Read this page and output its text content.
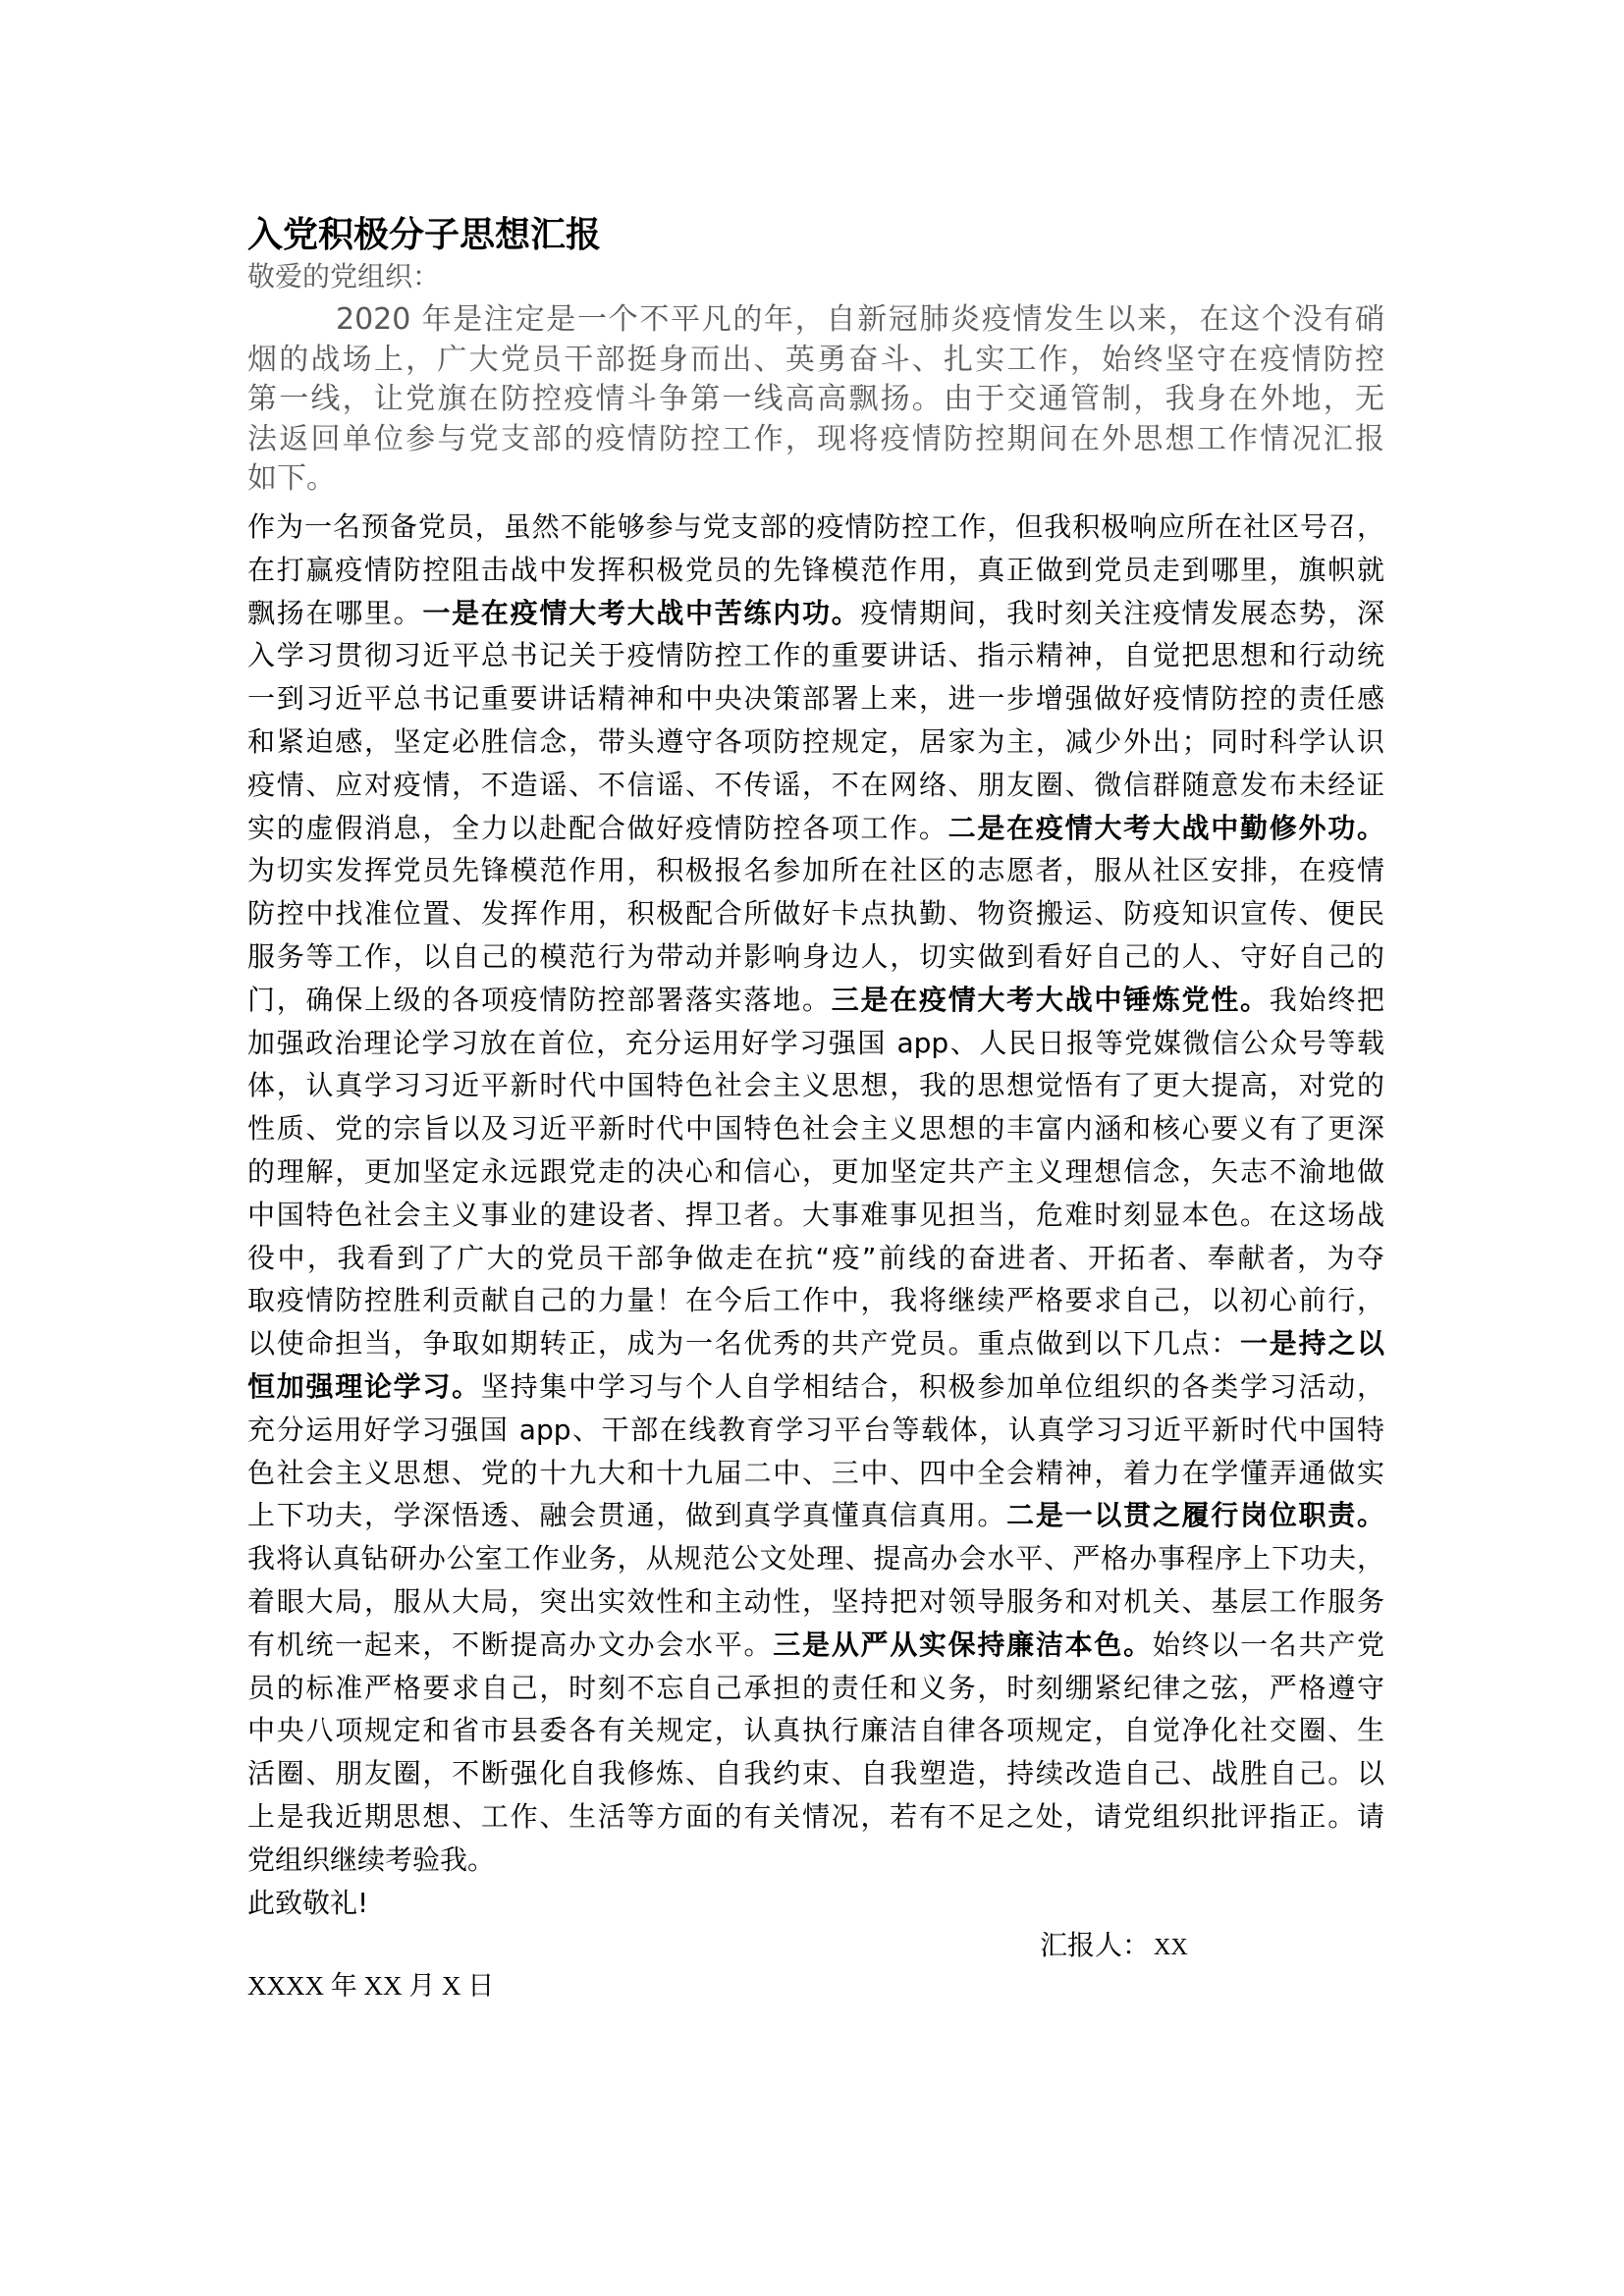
入党积极分子思想汇报
敬爱的党组织：
2020 年是注定是一个不平凡的年，自新冠肺炎疫情发生以来，在这个没有硝
烟的战场上，广大党员干部挺身而出、英勇奋斗、扎实工作，始终坚守在疫情防控
第一线，让党旗在防控疫情斗争第一线高高飘扬。由于交通管制，我身在外地，无
法返回单位参与党支部的疫情防控工作，现将疫情防控期间在外思想工作情况汇报
如下。
作为一名预备党员，虽然不能够参与党支部的疫情防控工作，但我积极响应所在社区号召，
在打赢疫情防控阻击战中发挥积极党员的先锋模范作用，真正做到党员走到哪里，旗帜就
飘扬在哪里。一是在疫情大考大战中苦练内功。疫情期间，我时刻关注疫情发展态势，深
入学习贯彻习近平总书记关于疫情防控工作的重要讲话、指示精神，自觉把思想和行动统
一到习近平总书记重要讲话精神和中央决策部署上来，进一步增强做好疫情防控的责任感
和紧迫感，坚定必胜信念，带头遵守各项防控规定，居家为主，减少外出；同时科学认识
疫情、应对疫情，不造谣、不信谣、不传谣，不在网络、朋友圈、微信群随意发布未经证
实的虚假消息，全力以赴配合做好疫情防控各项工作。二是在疫情大考大战中勤修外功。
为切实发挥党员先锋模范作用，积极报名参加所在社区的志愿者，服从社区安排，在疫情
防控中找准位置、发挥作用，积极配合所做好卡点执勤、物资搬运、防疫知识宣传、便民
服务等工作，以自己的模范行为带动并影响身边人，切实做到看好自己的人、守好自己的
门，确保上级的各项疫情防控部署落实落地。三是在疫情大考大战中锤炼党性。我始终把
加强政治理论学习放在首位，充分运用好学习强国 app、人民日报等党媒微信公众号等载
体，认真学习习近平新时代中国特色社会主义思想，我的思想觉悟有了更大提高，对党的
性质、党的宗旨以及习近平新时代中国特色社会主义思想的丰富内涵和核心要义有了更深
的理解，更加坚定永远跟党走的决心和信心，更加坚定共产主义理想信念，矢志不渝地做
中国特色社会主义事业的建设者、捍卫者。大事难事见担当，危难时刻显本色。在这场战
役中，我看到了广大的党员干部争做走在抗“疫”前线的奋进者、开拓者、奉献者，为夺
取疫情防控胜利贡献自己的力量！在今后工作中，我将继续严格要求自己，以初心前行，
以使命担当，争取如期转正，成为一名优秀的共产党员。重点做到以下几点：一是持之以
恒加强理论学习。坚持集中学习与个人自学相结合，积极参加单位组织的各类学习活动，
充分运用好学习强国 app、干部在线教育学习平台等载体，认真学习习近平新时代中国特
色社会主义思想、党的十九大和十九届二中、三中、四中全会精神，着力在学懂弄通做实
上下功夫，学深悟透、融会贯通，做到真学真懂真信真用。二是一以贯之履行岗位职责。
我将认真钻研办公室工作业务，从规范公文处理、提高办会水平、严格办事程序上下功夫，
着眼大局，服从大局，突出实效性和主动性，坚持把对领导服务和对机关、基层工作服务
有机统一起来，不断提高办文办会水平。三是从严从实保持廉洁本色。始终以一名共产党
员的标准严格要求自己，时刻不忘自己承担的责任和义务，时刻绷紧纪律之弦，严格遵守
中央八项规定和省市县委各有关规定，认真执行廉洁自律各项规定，自觉净化社交圈、生
活圈、朋友圈，不断强化自我修炼、自我约束、自我塑造，持续改造自己、战胜自己。以
上是我近期思想、工作、生活等方面的有关情况，若有不足之处，请党组织批评指正。请
党组织继续考验我。
此致敬礼!
汇报人： XX
XXXX 年 XX 月 X 日
